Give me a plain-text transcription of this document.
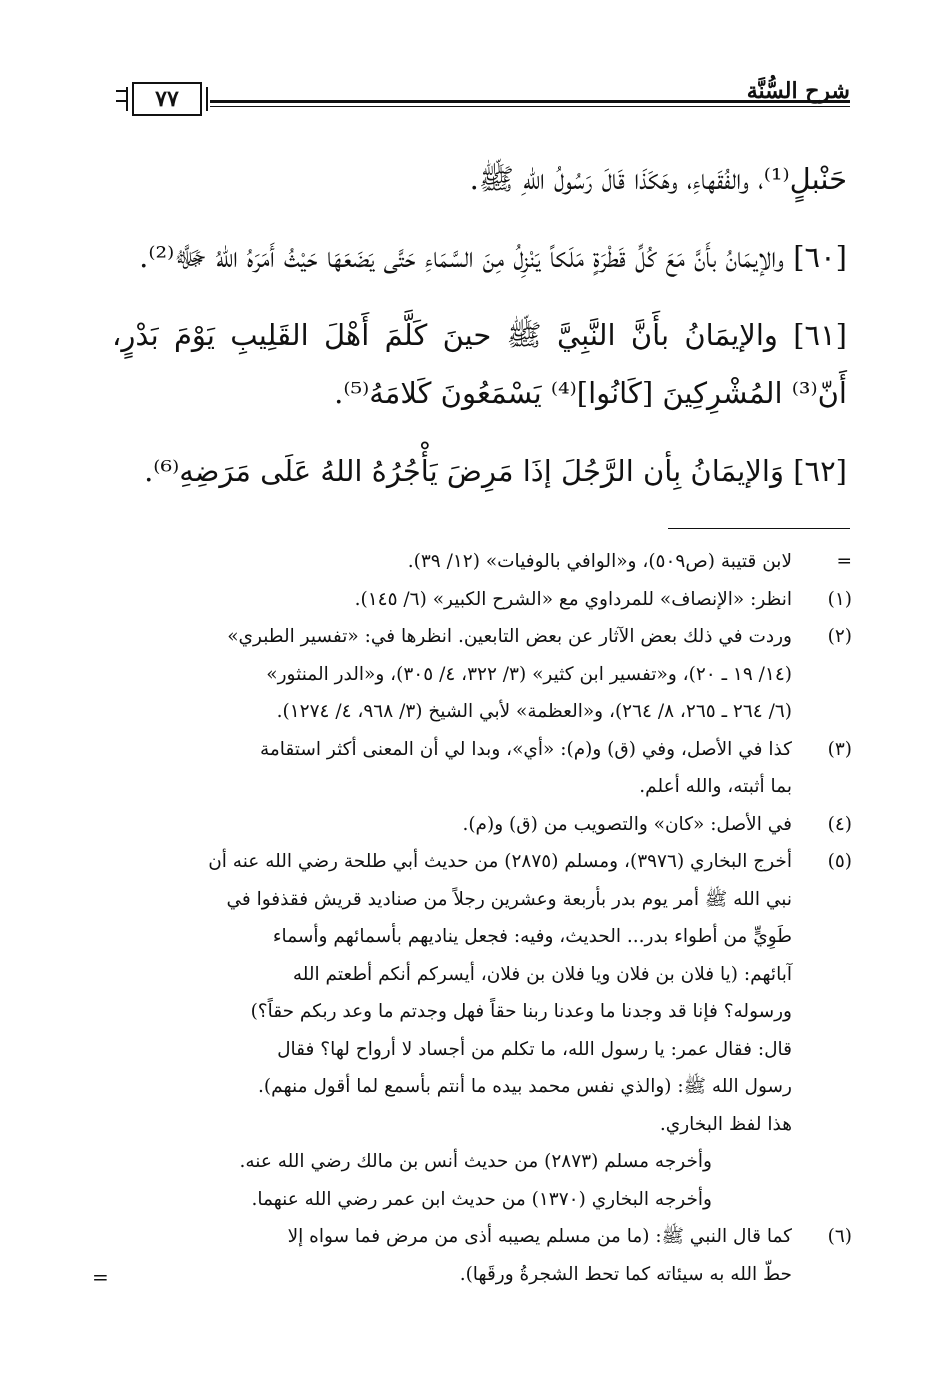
شرح السُّنَّة
٧٧

حَنْبلٍ⁽¹⁾، والفُقَهاءِ، وهَكَذَا قَالَ رَسُولُ اللهِ ﷺ.

[٦٠] والإيمَانُ بأَنَّ مَعَ كُلِّ قَطْرَةٍ مَلَكاً يَنْزِلُ مِنَ السَّمَاءِ حَتَّى يَضَعَهَا حَيْثُ أَمَرَهُ اللهُ ﷻ⁽²⁾.

[٦١] والإيمَانُ بأَنَّ النَّبِيَّ ﷺ حينَ كَلَّمَ أَهْلَ القَلِيبِ يَوْمَ بَدْرٍ، أَنّ⁽³⁾ المُشْرِكِينَ [كَانُوا]⁽⁴⁾ يَسْمَعُونَ كَلامَهُ⁽⁵⁾.

[٦٢] وَالإيمَانُ بِأن الرَّجُلَ إذَا مَرِضَ يَأْجُرُهُ اللهُ عَلَى مَرَضِهِ⁽⁶⁾.

=
لابن قتيبة (ص٥٠٩)، و«الوافي بالوفيات» (١٢/ ٣٩).
(١)
انظر: «الإنصاف» للمرداوي مع «الشرح الكبير» (٦/ ١٤٥).
(٢)
وردت في ذلك بعض الآثار عن بعض التابعين. انظرها في: «تفسير الطبري»
(١٤/ ١٩ ـ ٢٠)، و«تفسير ابن كثير» (٣/ ٣٢٢، ٤/ ٣٠٥)، و«الدر المنثور»
(٦/ ٢٦٤ ـ ٢٦٥، ٨/ ٢٦٤)، و«العظمة» لأبي الشيخ (٣/ ٩٦٨، ٤/ ١٢٧٤).
(٣)
كذا في الأصل، وفي (ق) و(م): «أي»، وبدا لي أن المعنى أكثر استقامة
بما أثبته، والله أعلم.
(٤)
في الأصل: «كان» والتصويب من (ق) و(م).
(٥)
أخرج البخاري (٣٩٧٦)، ومسلم (٢٨٧٥) من حديث أبي طلحة رضي الله عنه أن
نبي الله ﷺ أمر يوم بدر بأربعة وعشرين رجلاً من صناديد قريش فقذفوا في
طَوِيٍّ من أطواء بدر... الحديث، وفيه: فجعل يناديهم بأسمائهم وأسماء
آبائهم: (يا فلان بن فلان ويا فلان بن فلان، أيسركم أنكم أطعتم الله
ورسوله؟ فإنا قد وجدنا ما وعدنا ربنا حقاً فهل وجدتم ما وعد ربكم حقاً؟)
قال: فقال عمر: يا رسول الله، ما تكلم من أجساد لا أرواح لها؟ فقال
رسول الله ﷺ: (والذي نفس محمد بيده ما أنتم بأسمع لما أقول منهم).
هذا لفظ البخاري.
وأخرجه مسلم (٢٨٧٣) من حديث أنس بن مالك رضي الله عنه.
وأخرجه البخاري (١٣٧٠) من حديث ابن عمر رضي الله عنهما.
(٦)
كما قال النبي ﷺ: (ما من مسلم يصيبه أذى من مرض فما سواه إلا
حطّ الله به سيئاته كما تحط الشجرةُ ورقَها).
=
